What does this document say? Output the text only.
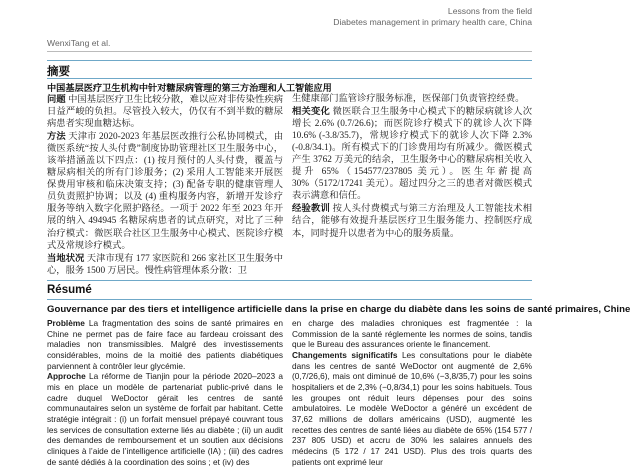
Lessons from the field
Diabetes management in primary health care, China
WenxiTang et al.
摘要
中国基层医疗卫生机构中针对糖尿病管理的第三方治理和人工智能应用

问题 中国基层医疗卫生比较分散，难以应对非传染性疾病日益严峻的负担。尽管投入较大，仍仅有不到半数的糖尿病患者实现血糖达标。

方法 天津市 2020-2023 年基层医改推行公私协同模式，由微医系统“按人头付费”制度协助管理社区卫生服务中心，该举措涵盖以下四点：(1) 按月预付的人头付费，覆盖与糖尿病相关的所有门诊服务；(2) 采用人工智能来开展医保费用审核和临床决策支持；(3) 配备专职的健康管理人员负责照护协调；以及 (4) 重构服务内容，新增开发诊疗服务等纳入数字化照护路径。一项于 2022 年至 2023 年开展的纳入 494945 名糖尿病患者的试点研究，对比了三种治疗模式：微医联合社区卫生服务中心模式、医院诊疗模式及常规诊疗模式。

当地状况 天津市现有 177 家医院和 266 家社区卫生服务中心，服务 1500 万居民。慢性病管理体系分散：卫

生健康部门监管诊疗服务标准，医保部门负责管控经费。

相关变化 微医联合卫生服务中心模式下的糖尿病就诊人次增长 2.6% (0.7/26.6)；而医院诊疗模式下的就诊人次下降 10.6% (-3.8/35.7)，常规诊疗模式下的就诊人次下降 2.3% (-0.8/34.1)。所有模式下的门诊费用均有所减少。微医模式产生 3762 万美元的结余，卫生服务中心的糖尿病相关收入提升 65%（154577/237805 美元）。医生年薪提高 30%（5172/17241 美元）。超过四分之三的患者对微医模式表示满意和信任。

经验教训 按人头付费模式与第三方治理及人工智能技术相结合，能够有效提升基层医疗卫生服务能力、控制医疗成本，同时提升以患者为中心的服务质量。

Résumé
Gouvernance par des tiers et intelligence artificielle dans la prise en charge du diabète dans les soins de santé primaires, Chine

Problème La fragmentation des soins de santé primaires en Chine ne permet pas de faire face au fardeau croissant des maladies non transmissibles. Malgré des investissements considérables, moins de la moitié des patients diabétiques parviennent à contrôler leur glycémie.

Approche La réforme de Tianjin pour la période 2020–2023 a mis en place un modèle de partenariat public-privé dans le cadre duquel WeDoctor gérait les centres de santé communautaires selon un système de forfait par habitant. Cette stratégie intégrait : (i) un forfait mensuel prépayé couvrant tous les services de consultation externe liés au diabète ; (ii) un audit des demandes de remboursement et un soutien aux décisions cliniques à l’aide de l’intelligence artificielle (IA) ; (iii) des cadres de santé dédiés à la coordination des soins ; et (iv) des

en charge des maladies chroniques est fragmentée : la Commission de la santé réglemente les normes de soins, tandis que le Bureau des assurances oriente le financement.

Changements significatifs Les consultations pour le diabète dans les centres de santé WeDoctor ont augmenté de 2,6% (0,7/26,6), mais ont diminué de 10,6% (−3,8/35,7) pour les soins hospitaliers et de 2,3% (−0,8/34,1) pour les soins habituels. Tous les groupes ont réduit leurs dépenses pour des soins ambulatoires. Le modèle WeDoctor a généré un excédent de 37,62 millions de dollars américains (USD), augmenté les recettes des centres de santé liées au diabète de 65% (154 577 / 237 805 USD) et accru de 30% les salaires annuels des médecins (5 172 / 17 241 USD). Plus des trois quarts des patients ont exprimé leur
